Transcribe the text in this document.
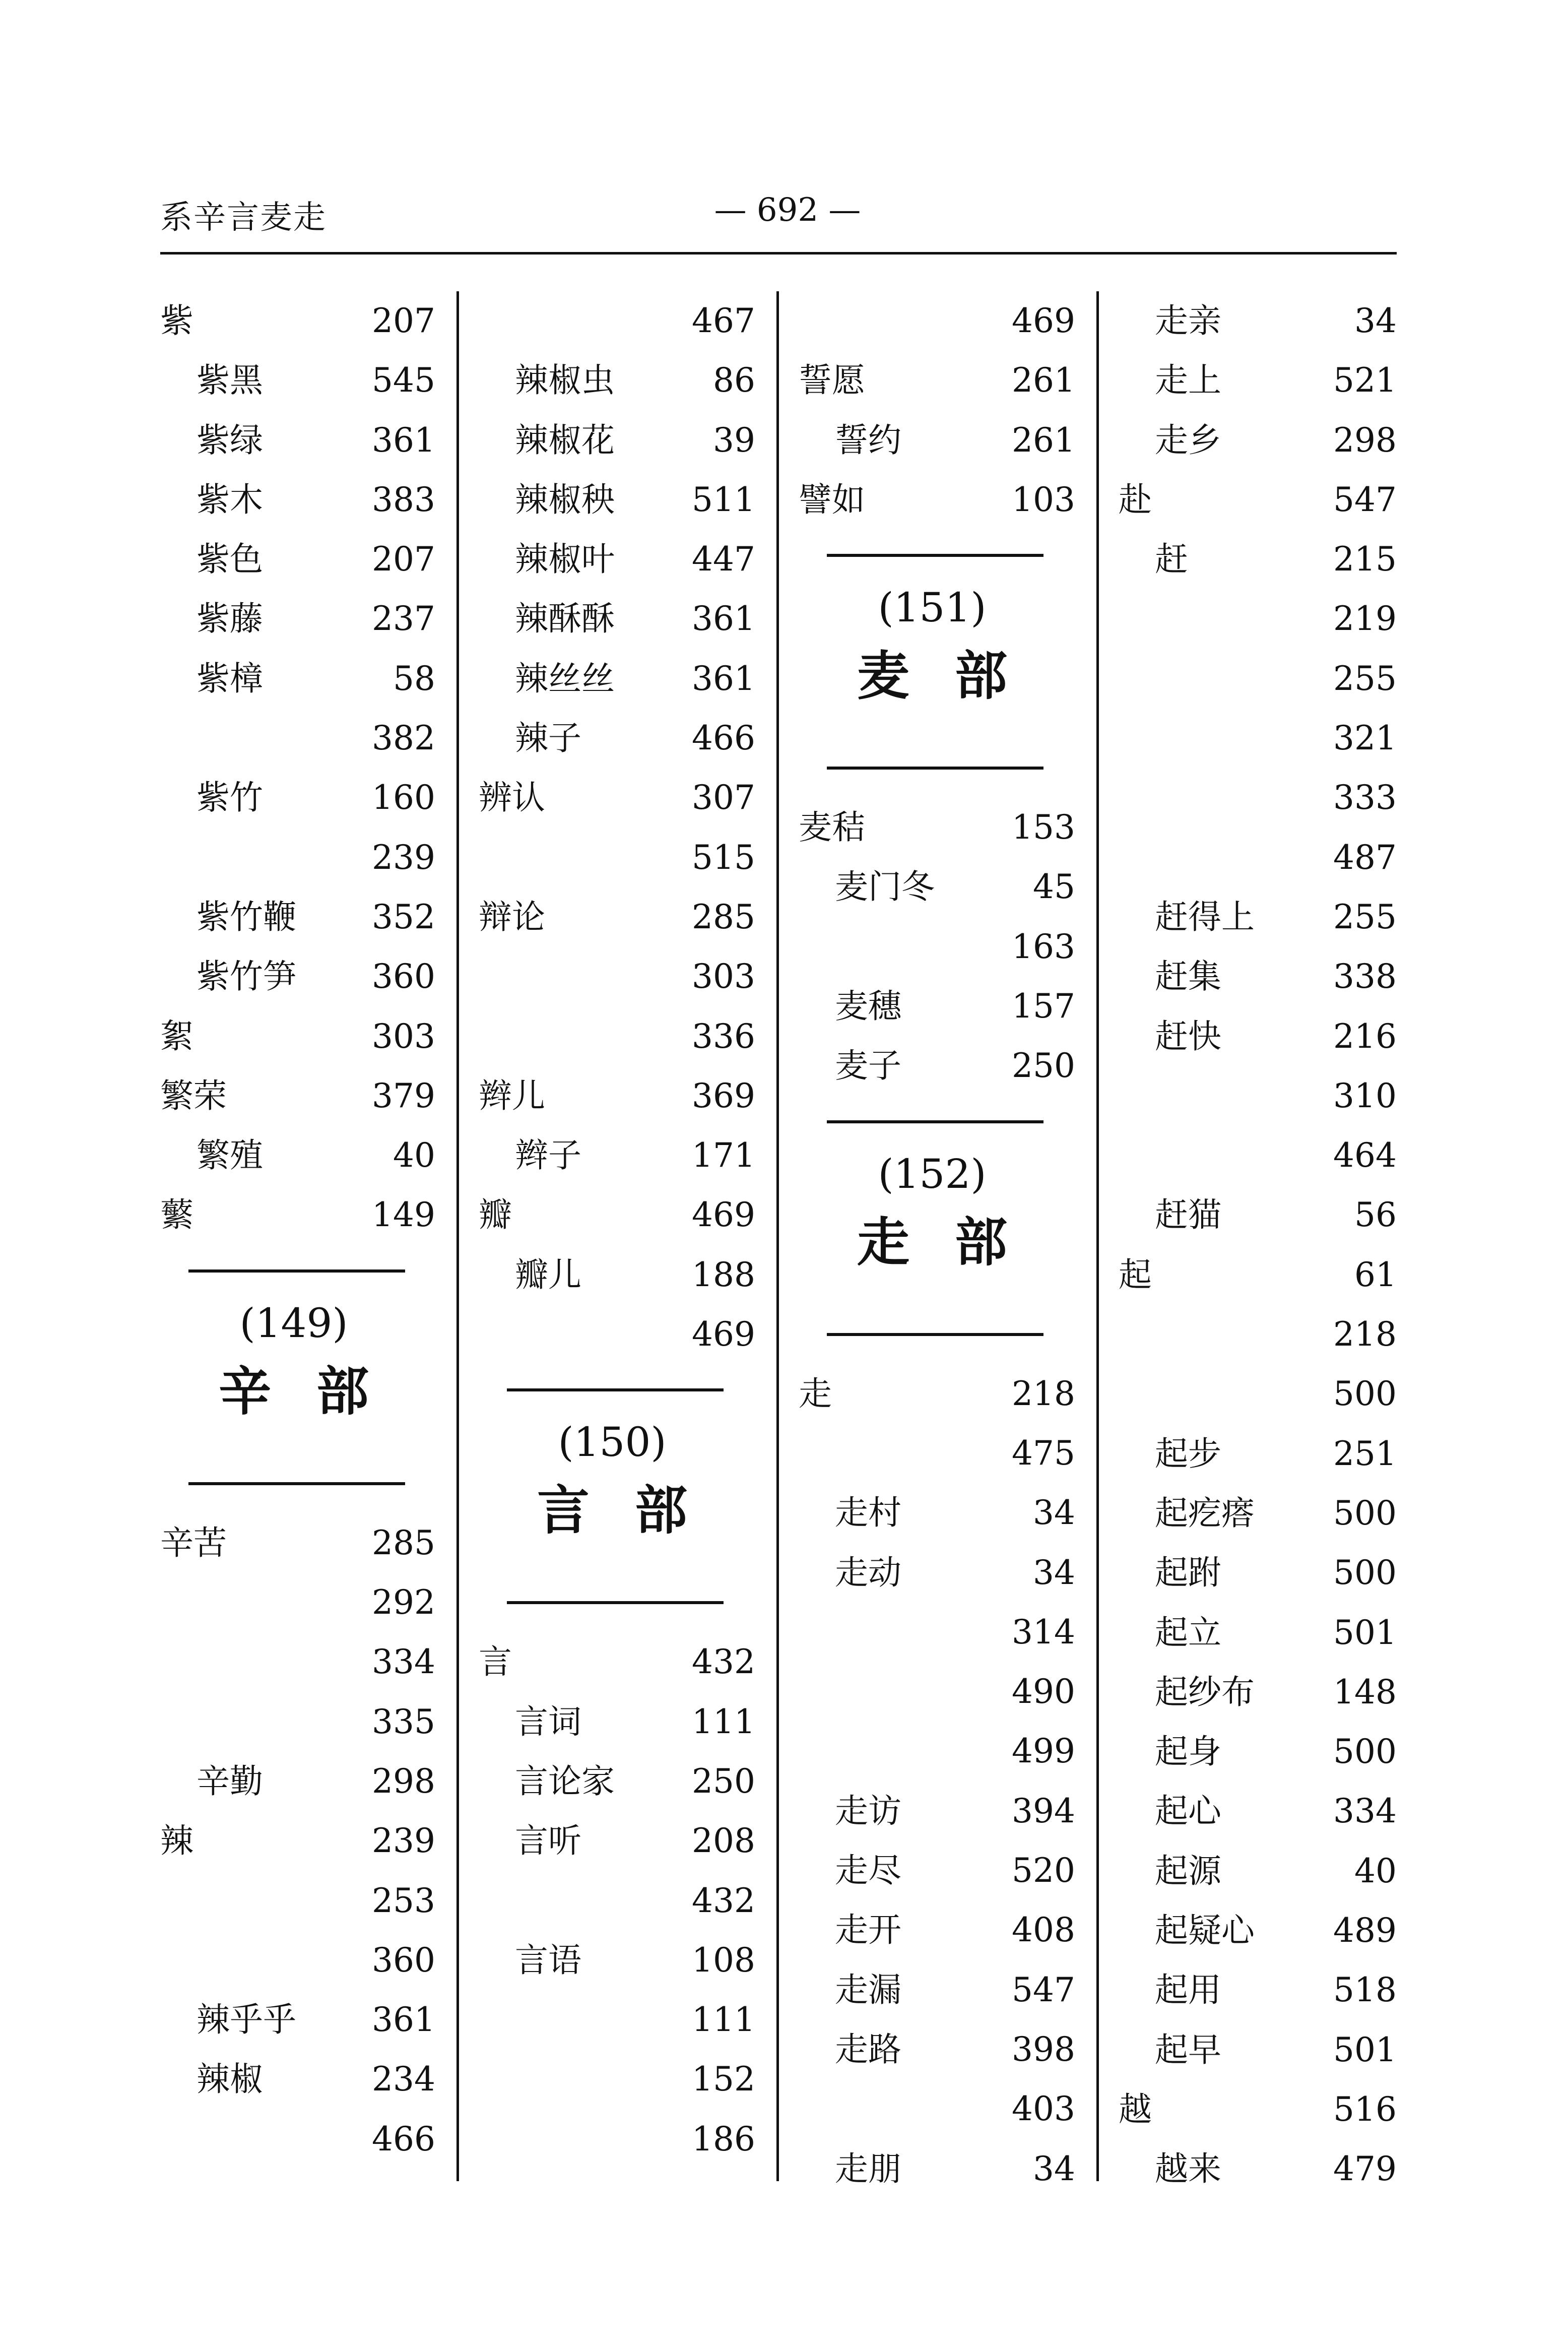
系辛言麦走	— 692 —
紫	207
紫黑	545
紫绿	361
紫木	383
紫色	207
紫藤	237
紫樟	58
382
紫竹	160
239
紫竹鞭 352
紫竹笋 360
絮	303
繁荣	379
繁殖	40
蘩	149
(149)
辛部
辛苦	285
292
334
335
辛勤	298
辣	239
253
360
辣乎乎 361
辣椒	234
466
467
辣椒虫	86
辣椒花	39
辣椒秧 511
辣椒叶 447
辣酥酥 361
辣丝丝 361
辣子	466
辨认	307
515
辩论	285
303
336
辫儿	369
辫子	171
瓣	469
瓣儿	188
469
(150)
言部
言	432
言词	111
言论家 250
言听	208
432
言语	108
111
152
186
469
誓愿	261
誓约	261
譬如	103
(151)
麦部
麦秸	153
麦门冬	45
163
麦穗	157
麦子	250
(152)
走部
走	218
475
走村	34
走动	34
314
490
499
走访	394
走尽	520
走开	408
走漏	547
走路	398
403
走朋	34
走亲	34
走上	521
走乡	298
赴	547
赶	215
219
255
321
333
487
赶得上 255
赶集	338
赶快	216
310
464
赶猫	56
起	61
218
500
起步	251
起疙瘩 500
起跗	500
起立	501
起纱布 148
起身	500
起心	334
起源	40
起疑心 489
起用	518
起早	501
越	516
越来	479
